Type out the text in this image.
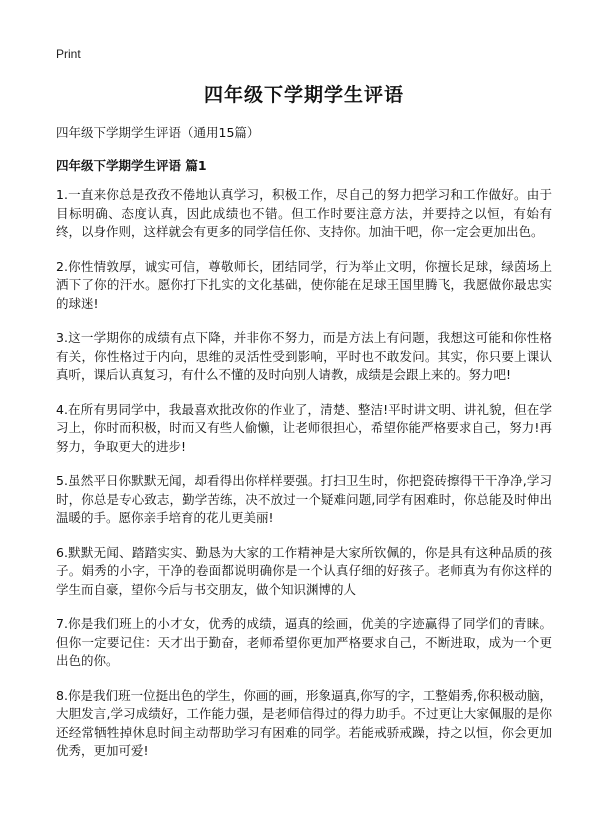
Print
四年级下学期学生评语

四年级下学期学生评语（通用15篇）

四年级下学期学生评语 篇1

1.一直来你总是孜孜不倦地认真学习，积极工作，尽自己的努力把学习和工作做好。由于目标明确、态度认真，因此成绩也不错。但工作时要注意方法，并要持之以恒，有始有终，以身作则，这样就会有更多的同学信任你、支持你。加油干吧，你一定会更加出色。

2.你性情敦厚，诚实可信，尊敬师长，团结同学，行为举止文明，你擅长足球，绿茵场上洒下了你的汗水。愿你打下扎实的文化基础，使你能在足球王国里腾飞，我愿做你最忠实的球迷!

3.这一学期你的成绩有点下降，并非你不努力，而是方法上有问题，我想这可能和你性格有关，你性格过于内向，思维的灵活性受到影响，平时也不敢发问。其实，你只要上课认真听，课后认真复习，有什么不懂的及时向别人请教，成绩是会跟上来的。努力吧!

4.在所有男同学中，我最喜欢批改你的作业了，清楚、整洁!平时讲文明、讲礼貌，但在学习上，你时而积极，时而又有些人偷懒，让老师很担心，希望你能严格要求自己，努力!再努力，争取更大的进步!

5.虽然平日你默默无闻，却看得出你样样要强。打扫卫生时，你把瓷砖擦得干干净净,学习时，你总是专心致志，勤学苦练，决不放过一个疑难问题,同学有困难时，你总能及时伸出温暖的手。愿你亲手培育的花儿更美丽!

6.默默无闻、踏踏实实、勤恳为大家的工作精神是大家所钦佩的，你是具有这种品质的孩子。娟秀的小字，干净的卷面都说明确你是一个认真仔细的好孩子。老师真为有你这样的学生而自豪，望你今后与书交朋友，做个知识渊博的人

7.你是我们班上的小才女，优秀的成绩，逼真的绘画，优美的字迹赢得了同学们的青睐。但你一定要记住：天才出于勤奋，老师希望你更加严格要求自己，不断进取，成为一个更出色的你。

8.你是我们班一位挺出色的学生，你画的画，形象逼真,你写的字，工整娟秀,你积极动脑，大胆发言,学习成绩好，工作能力强，是老师信得过的得力助手。不过更让大家佩服的是你还经常牺牲掉休息时间主动帮助学习有困难的同学。若能戒骄戒躁，持之以恒，你会更加优秀，更加可爱!
